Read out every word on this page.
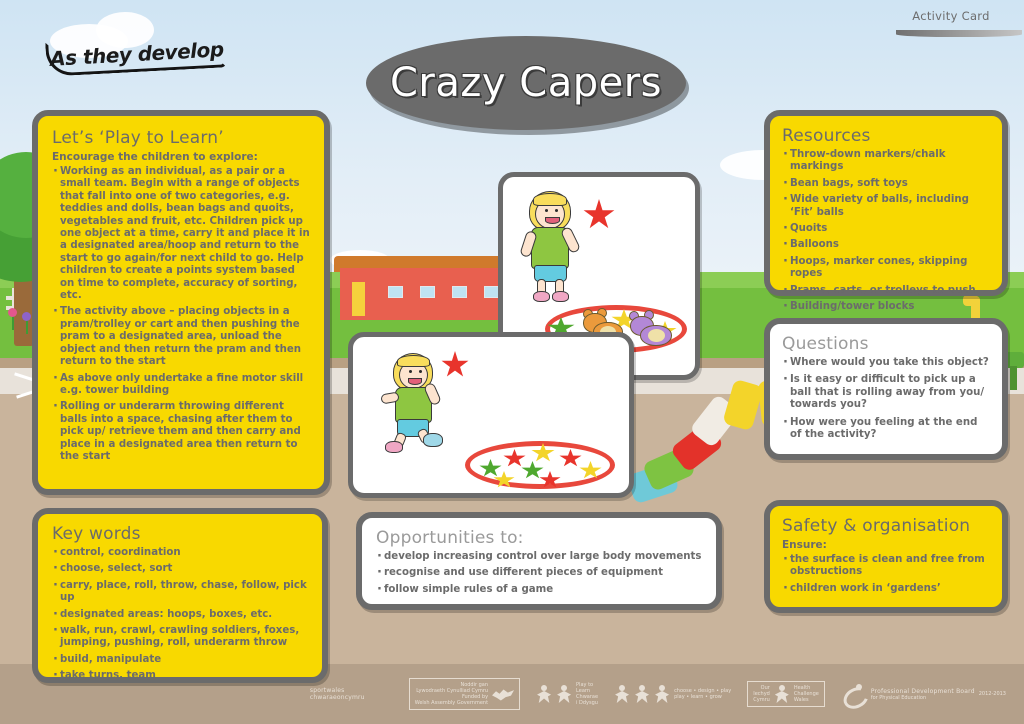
Activity Card
As they develop
Crazy Capers
Let’s ‘Play to Learn’
Encourage the children to explore:
· Working as an individual, as a pair or a small team. Begin with a range of objects that fall into one of two categories, e.g. teddies and dolls, bean bags and quoits, vegetables and fruit, etc. Children pick up one object at a time, carry it and place it in a designated area/hoop and return to the start to go again/for next child to go. Help children to create a points system based on time to complete, accuracy of sorting, etc.
· The activity above – placing objects in a pram/trolley or cart and then pushing the pram to a designated area, unload the object and then return the pram and then return to the start
· As above only undertake a fine motor skill e.g. tower building
· Rolling or underarm throwing different balls into a space, chasing after them to pick up/ retrieve them and then carry and place in a designated area then return to the start
Key words
· control, coordination
· choose, select, sort
· carry, place, roll, throw, chase, follow, pick up
· designated areas: hoops, boxes, etc.
· walk, run, crawl, crawling soldiers, foxes, jumping, pushing, roll, underarm throw
· build, manipulate
· take turns, team
Resources
· Throw-down markers/chalk markings
· Bean bags, soft toys
· Wide variety of balls, including ‘Fit’ balls
· Quoits
· Balloons
· Hoops, marker cones, skipping ropes
· Prams, carts, or trolleys to push
· Building/tower blocks
Questions
· Where would you take this object?
· Is it easy or difficult to pick up a ball that is rolling away from you/ towards you?
· How were you feeling at the end of the activity?
Safety & organisation
Ensure:
· the surface is clean and free from obstructions
· children work in ‘gardens’
Opportunities to:
· develop increasing control over large body movements
· recognise and use different pieces of equipment
· follow simple rules of a game
sportwales
chwaraeoncymru
Noddir gan
Lywodraeth Cynulliad Cymru
Funded by
Welsh Assembly Government
Play to
Learn
Chwarae
i Ddysgu
choose • design • play
play • learn • grow
Our
Iechyd
Cymru
Health
Challenge
Wales
Professional Development Board
for Physical Education
2012-2013
